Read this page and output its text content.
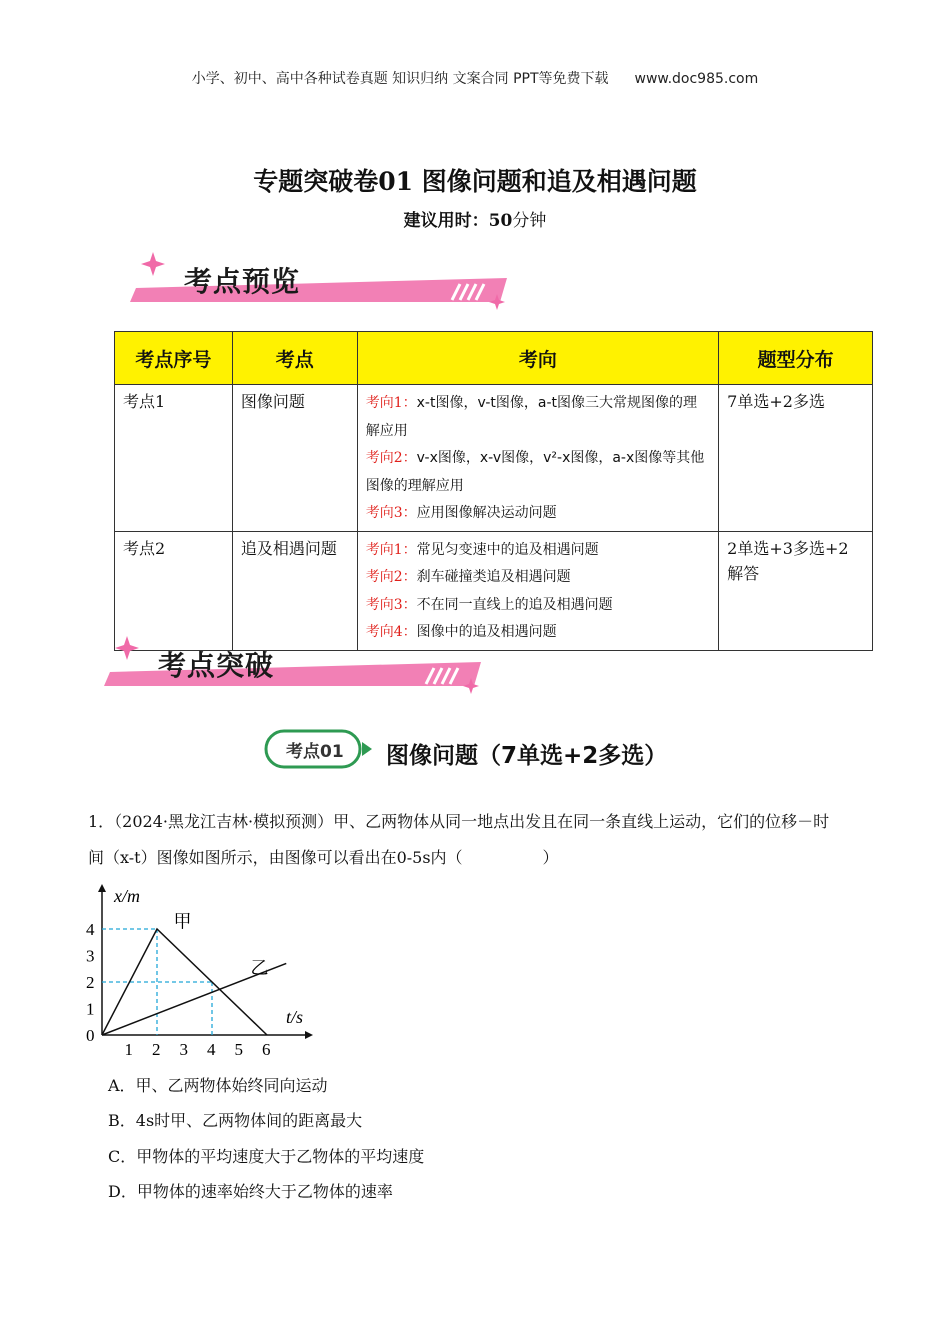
小学、初中、高中各种试卷真题 知识归纳 文案合同 PPT等免费下载 www.doc985.com
专题突破卷01 图像问题和追及相遇问题
建议用时：50分钟
考点预览
考点序号	考点	考向	题型分布
考点1	图像问题	考向1：x-t图像，v-t图像，a-t图像三大常规图像的理解应用
考向2：v-x图像，x-v图像，v²-x图像，a-x图像等其他图像的理解应用
考向3：应用图像解决运动问题	7单选+2多选
考点2	追及相遇问题	考向1：常见匀变速中的追及相遇问题
考向2：刹车碰撞类追及相遇问题
考向3：不在同一直线上的追及相遇问题
考向4：图像中的追及相遇问题	2单选+3多选+2解答
考点突破
考点01 图像问题（7单选+2多选）
1．（2024·黑龙江吉林·模拟预测）甲、乙两物体从同一地点出发且在同一条直线上运动，它们的位移－时
间（x-t）图像如图所示，由图像可以看出在0-5s内（　　　　　）
x/m
t/s
1 2 3 4 5 6
1
2
3
4
0
甲
乙
A．甲、乙两物体始终同向运动
B．4s时甲、乙两物体间的距离最大
C．甲物体的平均速度大于乙物体的平均速度
D．甲物体的速率始终大于乙物体的速率
